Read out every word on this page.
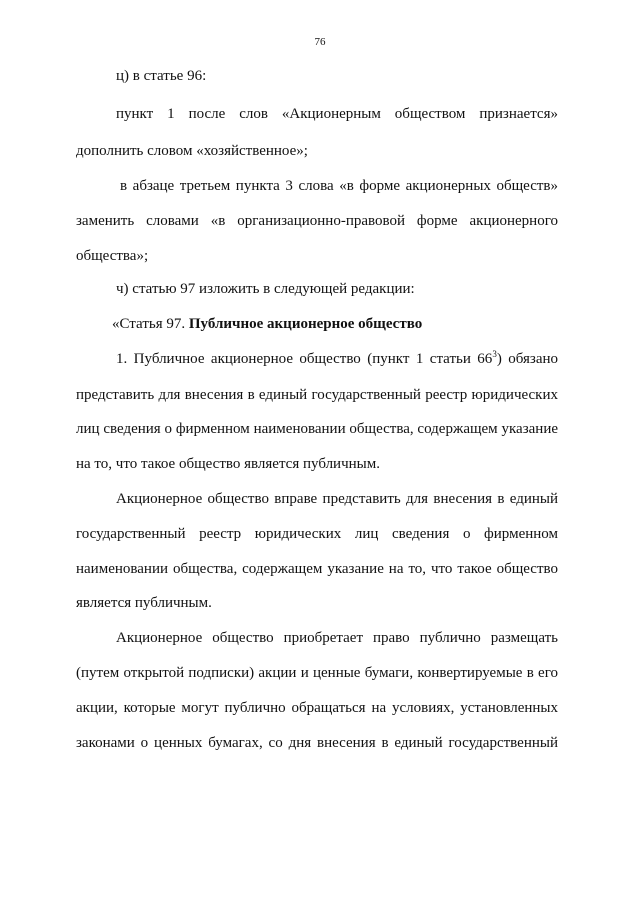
76
ц) в статье 96:
пункт 1 после слов «Акционерным обществом признается»
дополнить словом «хозяйственное»;
в абзаце третьем пункта 3 слова «в форме акционерных обществ»
заменить словами «в организационно-правовой форме акционерного
общества»;
ч) статью 97 изложить в следующей редакции:
«Статья 97. Публичное акционерное общество
1. Публичное акционерное общество (пункт 1 статьи $66^3$) обязано
представить для внесения в единый государственный реестр юридических
лиц сведения о фирменном наименовании общества, содержащем указание
на то, что такое общество является публичным.
Акционерное общество вправе представить для внесения в единый
государственный реестр юридических лиц сведения о фирменном
наименовании общества, содержащем указание на то, что такое общество
является публичным.
Акционерное общество приобретает право публично размещать
(путем открытой подписки) акции и ценные бумаги, конвертируемые в его
акции, которые могут публично обращаться на условиях, установленных
законами о ценных бумагах, со дня внесения в единый государственный
